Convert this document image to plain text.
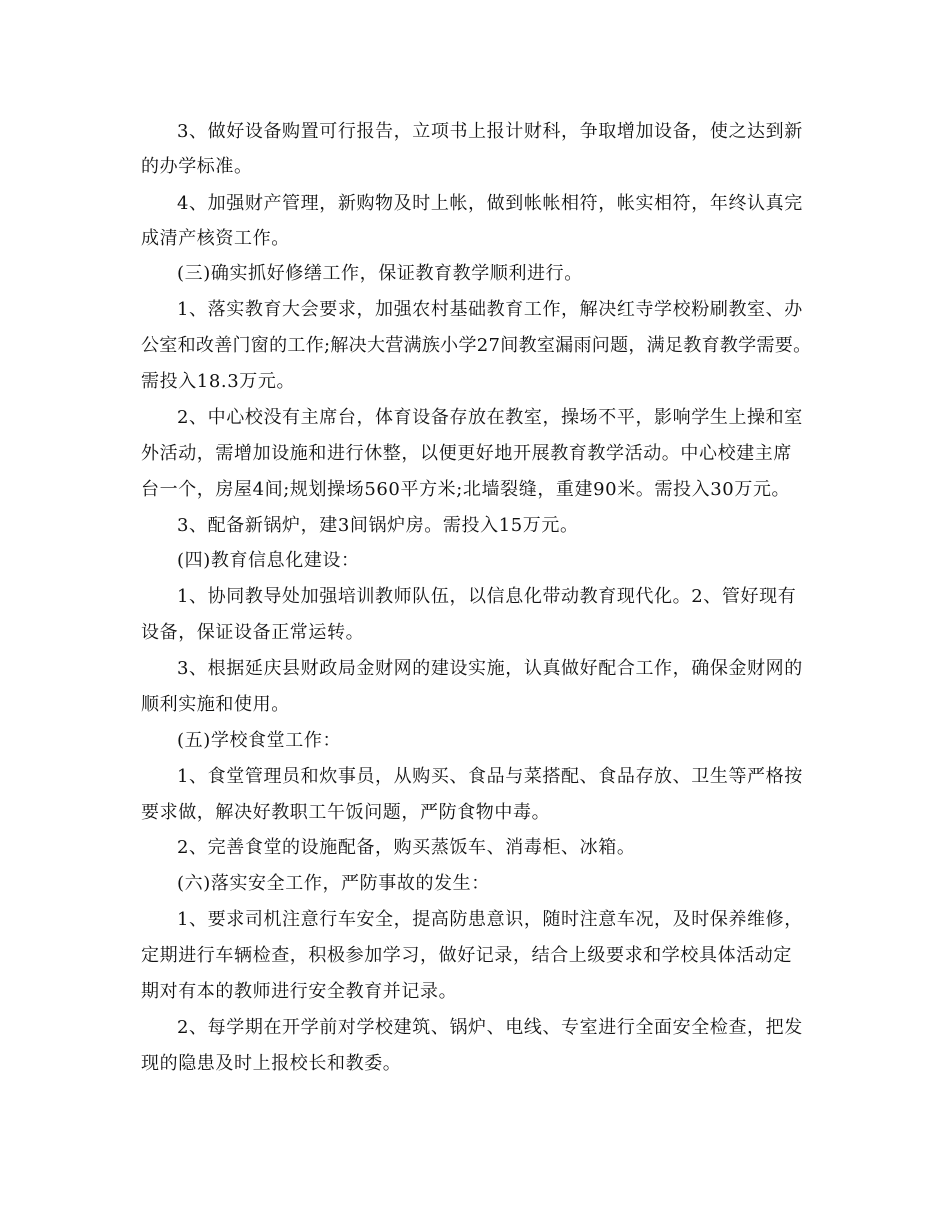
3、做好设备购置可行报告，立项书上报计财科，争取增加设备，使之达到新
的办学标准。
4、加强财产管理，新购物及时上帐，做到帐帐相符，帐实相符，年终认真完
成清产核资工作。
(三)确实抓好修缮工作，保证教育教学顺利进行。
1、落实教育大会要求，加强农村基础教育工作，解决红寺学校粉刷教室、办
公室和改善门窗的工作;解决大营满族小学27间教室漏雨问题，满足教育教学需要。
需投入18.3万元。
2、中心校没有主席台，体育设备存放在教室，操场不平，影响学生上操和室
外活动，需增加设施和进行休整，以便更好地开展教育教学活动。中心校建主席
台一个，房屋4间;规划操场560平方米;北墙裂缝，重建90米。需投入30万元。
3、配备新锅炉，建3间锅炉房。需投入15万元。
(四)教育信息化建设：
1、协同教导处加强培训教师队伍，以信息化带动教育现代化。2、管好现有
设备，保证设备正常运转。
3、根据延庆县财政局金财网的建设实施，认真做好配合工作，确保金财网的
顺利实施和使用。
(五)学校食堂工作：
1、食堂管理员和炊事员，从购买、食品与菜搭配、食品存放、卫生等严格按
要求做，解决好教职工午饭问题，严防食物中毒。
2、完善食堂的设施配备，购买蒸饭车、消毒柜、冰箱。
(六)落实安全工作，严防事故的发生：
1、要求司机注意行车安全，提高防患意识，随时注意车况，及时保养维修，
定期进行车辆检查，积极参加学习，做好记录，结合上级要求和学校具体活动定
期对有本的教师进行安全教育并记录。
2、每学期在开学前对学校建筑、锅炉、电线、专室进行全面安全检查，把发
现的隐患及时上报校长和教委。
